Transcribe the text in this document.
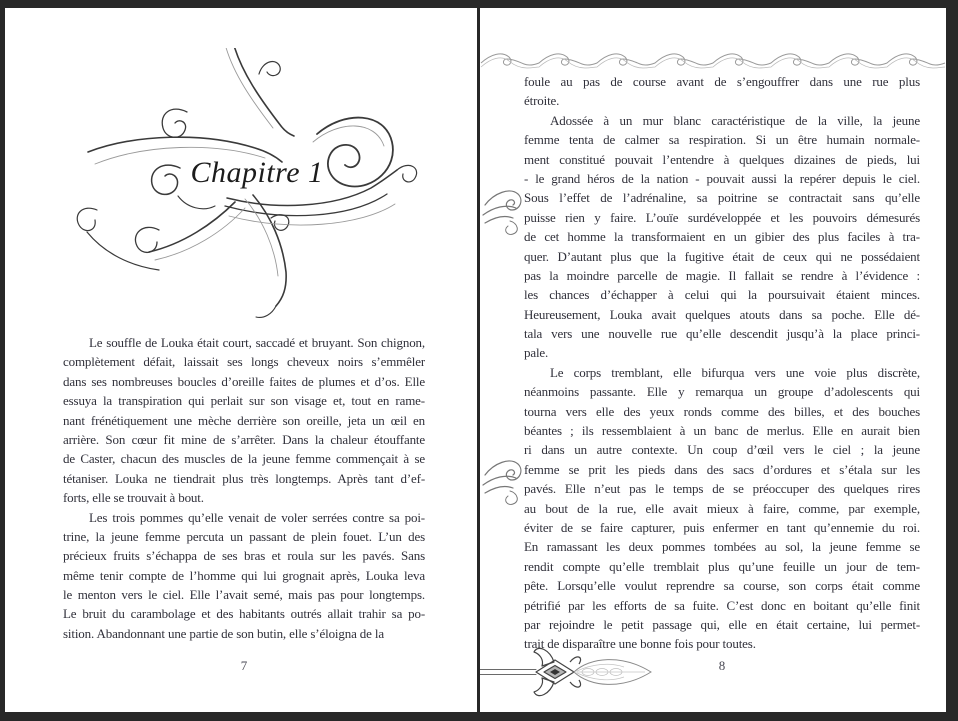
Chapitre 1
Le souffle de Louka était court, saccadé et bruyant. Son chignon,
complètement défait, laissait ses longs cheveux noirs s’emmêler
dans ses nombreuses boucles d’oreille faites de plumes et d’os. Elle
essuya la transpiration qui perlait sur son visage et, tout en rame-
nant frénétiquement une mèche derrière son oreille, jeta un œil en
arrière. Son cœur fit mine de s’arrêter. Dans la chaleur étouffante
de Caster, chacun des muscles de la jeune femme commençait à se
tétaniser. Louka ne tiendrait plus très longtemps. Après tant d’ef-
forts, elle se trouvait à bout.
Les trois pommes qu’elle venait de voler serrées contre sa poi-
trine, la jeune femme percuta un passant de plein fouet. L’un des
précieux fruits s’échappa de ses bras et roula sur les pavés. Sans
même tenir compte de l’homme qui lui grognait après, Louka leva
le menton vers le ciel. Elle l’avait semé, mais pas pour longtemps.
Le bruit du carambolage et des habitants outrés allait trahir sa po-
sition. Abandonnant une partie de son butin, elle s’éloigna de la
7
foule au pas de course avant de s’engouffrer dans une rue plus
étroite.
Adossée à un mur blanc caractéristique de la ville, la jeune
femme tenta de calmer sa respiration. Si un être humain normale-
ment constitué pouvait l’entendre à quelques dizaines de pieds, lui
- le grand héros de la nation - pouvait aussi la repérer depuis le ciel.
Sous l’effet de l’adrénaline, sa poitrine se contractait sans qu’elle
puisse rien y faire. L’ouïe surdéveloppée et les pouvoirs démesurés
de cet homme la transformaient en un gibier des plus faciles à tra-
quer. D’autant plus que la fugitive était de ceux qui ne possédaient
pas la moindre parcelle de magie. Il fallait se rendre à l’évidence :
les chances d’échapper à celui qui la poursuivait étaient minces.
Heureusement, Louka avait quelques atouts dans sa poche. Elle dé-
tala vers une nouvelle rue qu’elle descendit jusqu’à la place princi-
pale.
Le corps tremblant, elle bifurqua vers une voie plus discrète,
néanmoins passante. Elle y remarqua un groupe d’adolescents qui
tourna vers elle des yeux ronds comme des billes, et des bouches
béantes ; ils ressemblaient à un banc de merlus. Elle en aurait bien
ri dans un autre contexte. Un coup d’œil vers le ciel ; la jeune
femme se prit les pieds dans des sacs d’ordures et s’étala sur les
pavés. Elle n’eut pas le temps de se préoccuper des quelques rires
au bout de la rue, elle avait mieux à faire, comme, par exemple,
éviter de se faire capturer, puis enfermer en tant qu’ennemie du roi.
En ramassant les deux pommes tombées au sol, la jeune femme se
rendit compte qu’elle tremblait plus qu’une feuille un jour de tem-
pête. Lorsqu’elle voulut reprendre sa course, son corps était comme
pétrifié par les efforts de sa fuite. C’est donc en boitant qu’elle finit
par rejoindre le petit passage qui, elle en était certaine, lui permet-
trait de disparaître une bonne fois pour toutes.
8
